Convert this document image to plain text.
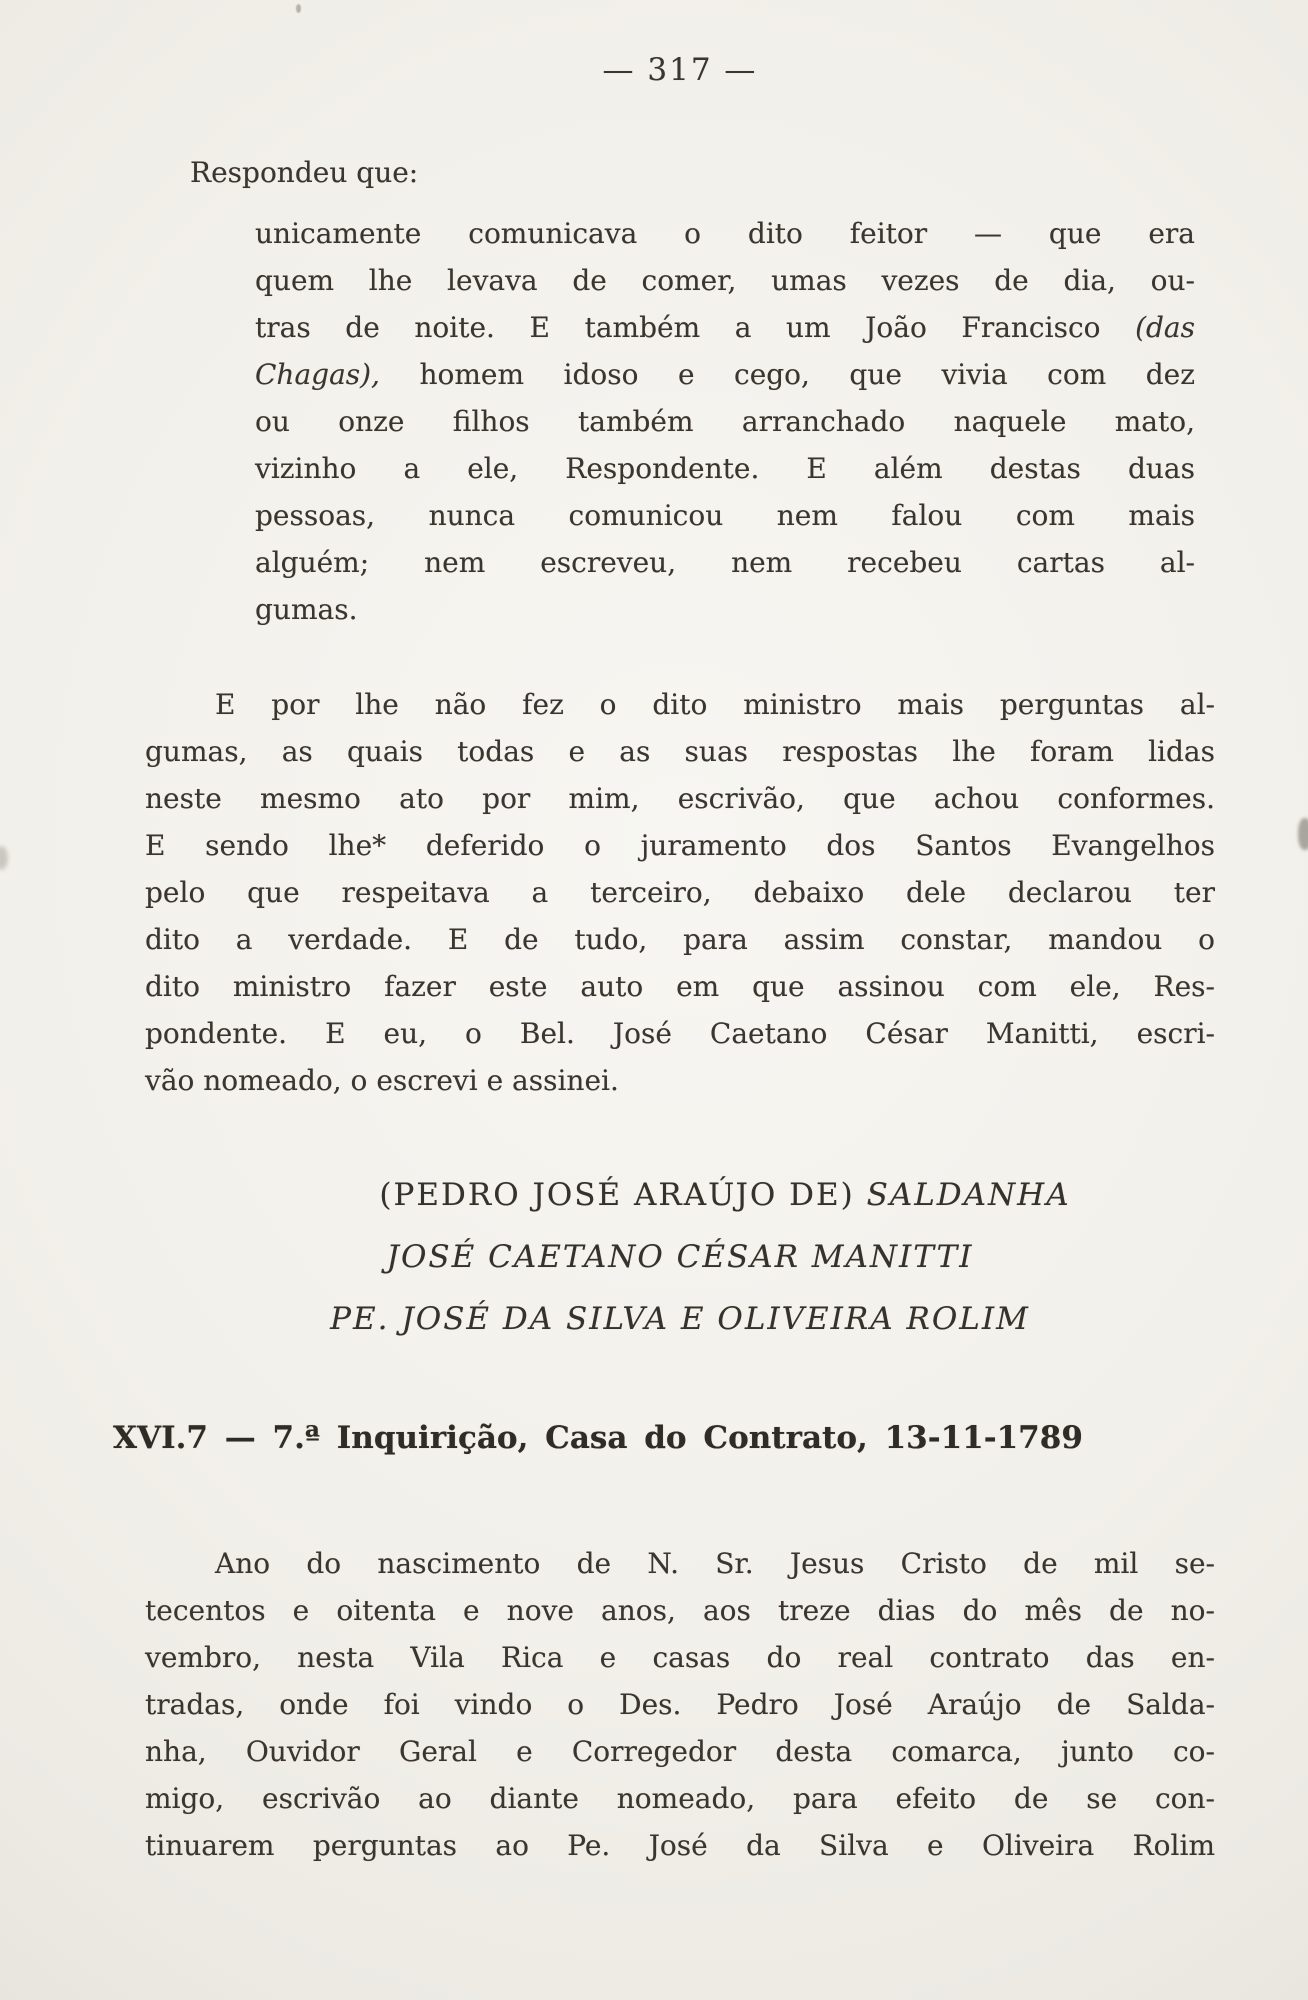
— 317 —
Respondeu que:
unicamente comunicava o dito feitor — que era
quem lhe levava de comer, umas vezes de dia, ou-
tras de noite. E também a um João Francisco (das
Chagas), homem idoso e cego, que vivia com dez
ou onze filhos também arranchado naquele mato,
vizinho a ele, Respondente. E além destas duas
pessoas, nunca comunicou nem falou com mais
alguém; nem escreveu, nem recebeu cartas al-
gumas.
E por lhe não fez o dito ministro mais perguntas al-
gumas, as quais todas e as suas respostas lhe foram lidas
neste mesmo ato por mim, escrivão, que achou conformes.
E sendo lhe* deferido o juramento dos Santos Evangelhos
pelo que respeitava a terceiro, debaixo dele declarou ter
dito a verdade. E de tudo, para assim constar, mandou o
dito ministro fazer este auto em que assinou com ele, Res-
pondente. E eu, o Bel. José Caetano César Manitti, escri-
vão nomeado, o escrevi e assinei.
(PEDRO JOSÉ ARAÚJO DE) SALDANHA
JOSÉ CAETANO CÉSAR MANITTI
PE. JOSÉ DA SILVA E OLIVEIRA ROLIM
XVI.7 — 7.ª Inquirição, Casa do Contrato, 13-11-1789
Ano do nascimento de N. Sr. Jesus Cristo de mil se-
tecentos e oitenta e nove anos, aos treze dias do mês de no-
vembro, nesta Vila Rica e casas do real contrato das en-
tradas, onde foi vindo o Des. Pedro José Araújo de Salda-
nha, Ouvidor Geral e Corregedor desta comarca, junto co-
migo, escrivão ao diante nomeado, para efeito de se con-
tinuarem perguntas ao Pe. José da Silva e Oliveira Rolim
